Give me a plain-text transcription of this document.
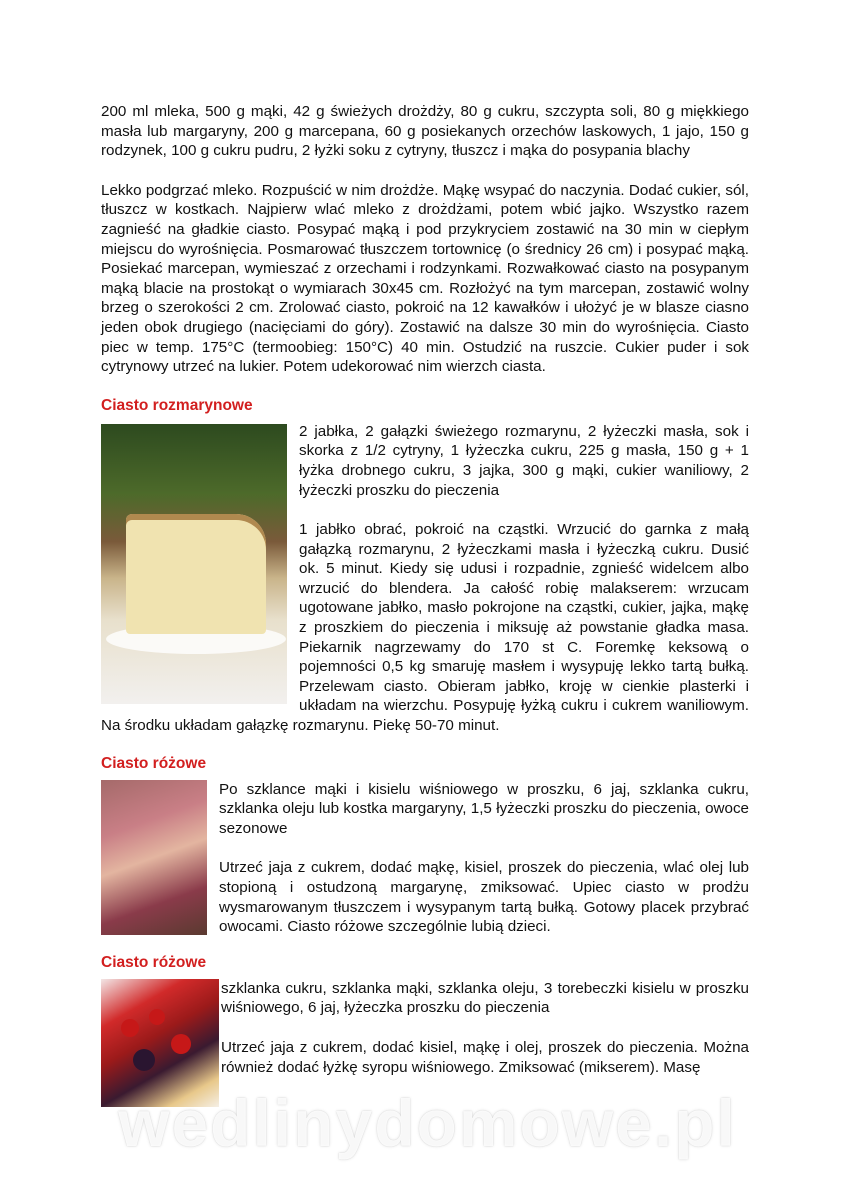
200 ml mleka, 500 g mąki, 42 g świeżych drożdży, 80 g cukru, szczypta soli, 80 g miękkiego masła lub margaryny, 200 g marcepana, 60 g posiekanych orzechów laskowych, 1 jajo, 150 g rodzynek, 100 g cukru pudru, 2 łyżki soku z cytryny, tłuszcz i mąka do posypania blachy

Lekko podgrzać mleko. Rozpuścić w nim drożdże. Mąkę wsypać do naczynia. Dodać cukier, sól, tłuszcz w kostkach. Najpierw wlać mleko z drożdżami, potem wbić jajko. Wszystko razem zagnieść na gładkie ciasto. Posypać mąką i pod przykryciem zostawić na 30 min w ciepłym miejscu do wyrośnięcia. Posmarować tłuszczem tortownicę (o średnicy 26 cm) i posypać mąką. Posiekać marcepan, wymieszać z orzechami i rodzynkami. Rozwałkować ciasto na posypanym mąką blacie na prostokąt o wymiarach 30x45 cm. Rozłożyć na tym marcepan, zostawić wolny brzeg o szerokości 2 cm. Zrolować ciasto, pokroić na 12 kawałków i ułożyć je w blasze ciasno jeden obok drugiego (nacięciami do góry). Zostawić na dalsze 30 min do wyrośnięcia. Ciasto piec w temp. 175°C (termoobieg: 150°C) 40 min. Ostudzić na ruszcie. Cukier puder i sok cytrynowy utrzeć na lukier. Potem udekorować nim wierzch ciasta.

Ciasto rozmarynowe

2 jabłka, 2 gałązki świeżego rozmarynu, 2 łyżeczki masła, sok i skorka z 1/2 cytryny, 1 łyżeczka cukru, 225 g masła, 150 g + 1 łyżka drobnego cukru, 3 jajka, 300 g mąki, cukier waniliowy, 2 łyżeczki proszku do pieczenia

1 jabłko obrać, pokroić na cząstki. Wrzucić do garnka z małą gałązką rozmarynu, 2 łyżeczkami masła i łyżeczką cukru. Dusić ok. 5 minut. Kiedy się udusi i rozpadnie, zgnieść widelcem albo wrzucić do blendera. Ja całość robię malakserem: wrzucam ugotowane jabłko, masło pokrojone na cząstki, cukier, jajka, mąkę z proszkiem do pieczenia i miksuję aż powstanie gładka masa. Piekarnik nagrzewamy do 170 st C. Foremkę keksową o pojemności 0,5 kg smaruję masłem i wysypuję lekko tartą bułką. Przelewam ciasto. Obieram jabłko, kroję w cienkie plasterki i układam na wierzchu. Posypuję łyżką cukru i cukrem waniliowym. Na środku układam gałązkę rozmarynu. Piekę 50-70 minut.

Ciasto różowe

Po szklance mąki i kisielu wiśniowego w proszku, 6 jaj, szklanka cukru, szklanka oleju lub kostka margaryny, 1,5 łyżeczki proszku do pieczenia, owoce sezonowe

Utrzeć jaja z cukrem, dodać mąkę, kisiel, proszek do pieczenia, wlać olej lub stopioną i ostudzoną margarynę, zmiksować. Upiec ciasto w prodżu wysmarowanym tłuszczem i wysypanym tartą bułką. Gotowy placek przybrać owocami. Ciasto różowe szczególnie lubią dzieci.

Ciasto różowe

szklanka cukru, szklanka mąki, szklanka oleju, 3 torebeczki kisielu w proszku wiśniowego, 6 jaj, łyżeczka proszku do pieczenia

Utrzeć jaja z cukrem, dodać kisiel, mąkę i olej, proszek do pieczenia. Można również dodać łyżkę syropu wiśniowego. Zmiksować (mikserem). Masę

wedlinydomowe.pl
